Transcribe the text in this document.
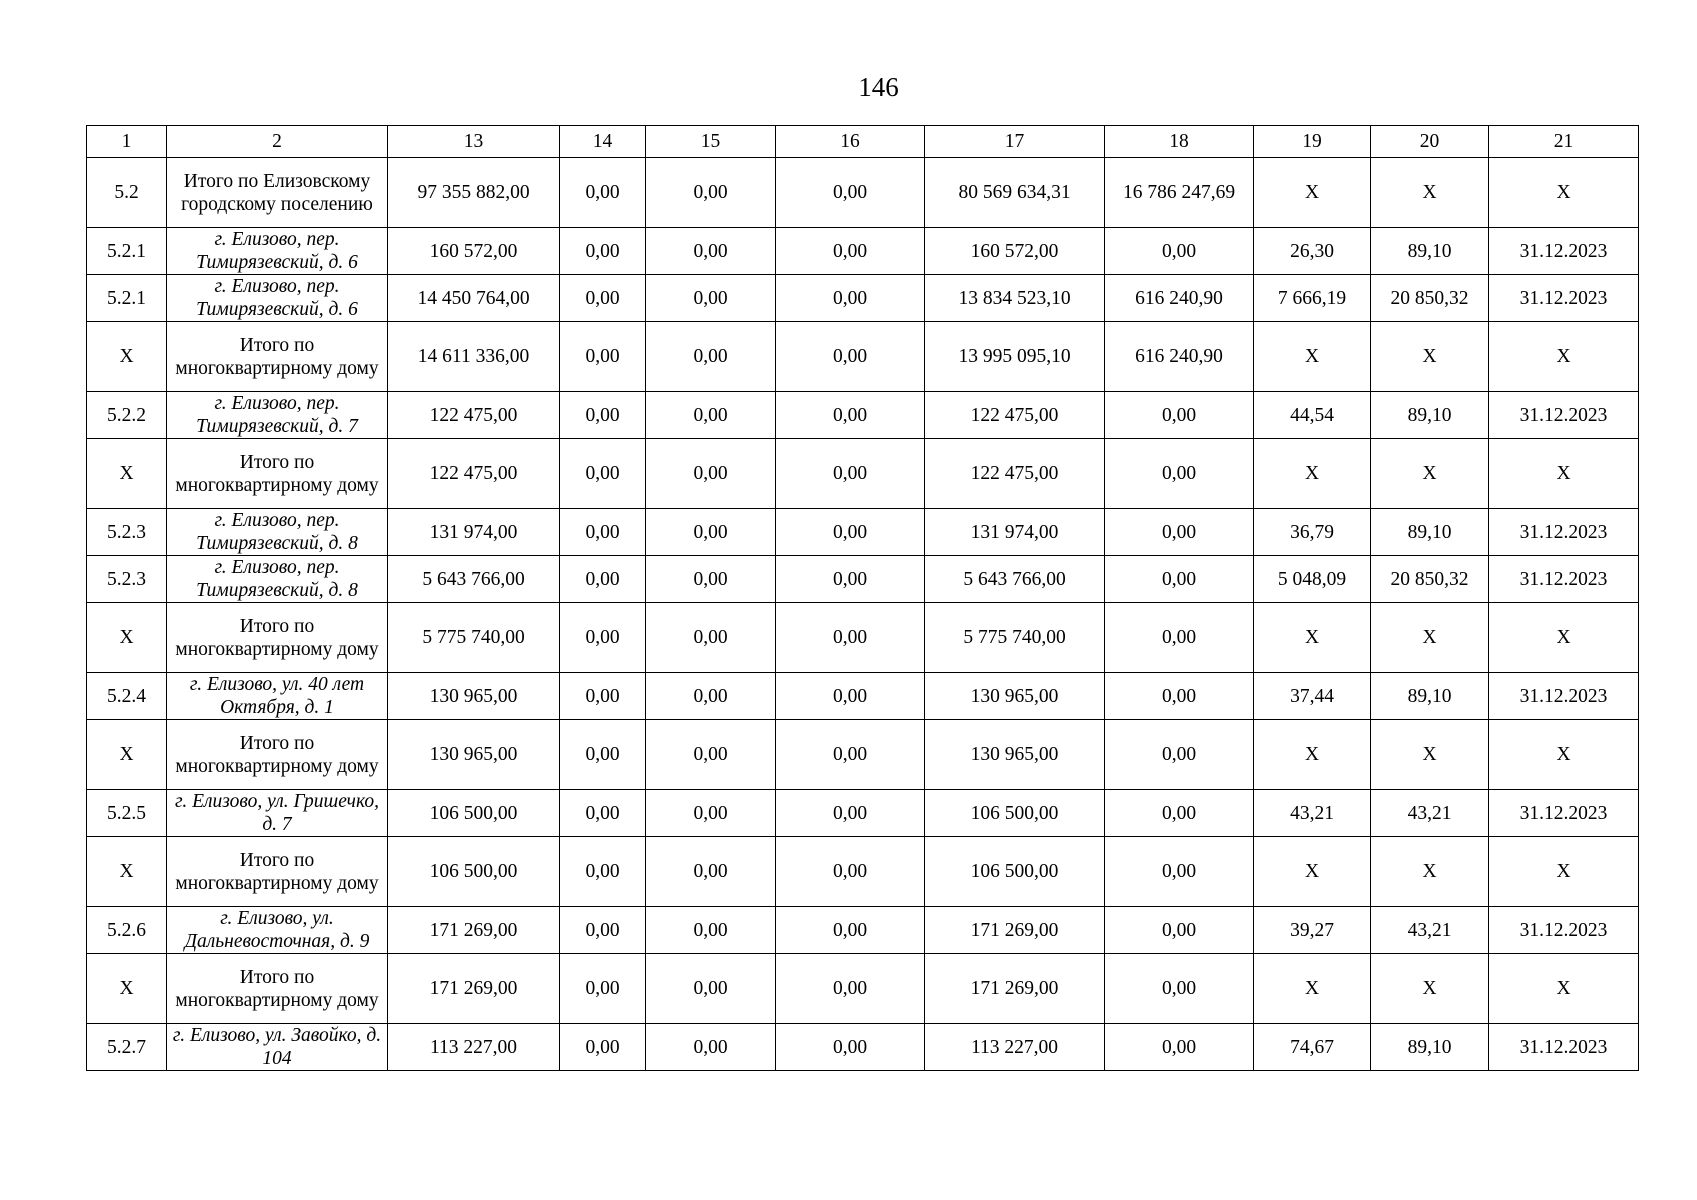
146
1	2	13	14	15	16	17	18	19	20	21
5.2	Итого по Елизовскому городскому поселению	97 355 882,00	0,00	0,00	0,00	80 569 634,31	16 786 247,69	X	X	X
5.2.1	г. Елизово, пер. Тимирязевский, д. 6	160 572,00	0,00	0,00	0,00	160 572,00	0,00	26,30	89,10	31.12.2023
5.2.1	г. Елизово, пер. Тимирязевский, д. 6	14 450 764,00	0,00	0,00	0,00	13 834 523,10	616 240,90	7 666,19	20 850,32	31.12.2023
X	Итого по многоквартирному дому	14 611 336,00	0,00	0,00	0,00	13 995 095,10	616 240,90	X	X	X
5.2.2	г. Елизово, пер. Тимирязевский, д. 7	122 475,00	0,00	0,00	0,00	122 475,00	0,00	44,54	89,10	31.12.2023
X	Итого по многоквартирному дому	122 475,00	0,00	0,00	0,00	122 475,00	0,00	X	X	X
5.2.3	г. Елизово, пер. Тимирязевский, д. 8	131 974,00	0,00	0,00	0,00	131 974,00	0,00	36,79	89,10	31.12.2023
5.2.3	г. Елизово, пер. Тимирязевский, д. 8	5 643 766,00	0,00	0,00	0,00	5 643 766,00	0,00	5 048,09	20 850,32	31.12.2023
X	Итого по многоквартирному дому	5 775 740,00	0,00	0,00	0,00	5 775 740,00	0,00	X	X	X
5.2.4	г. Елизово, ул. 40 лет Октября, д. 1	130 965,00	0,00	0,00	0,00	130 965,00	0,00	37,44	89,10	31.12.2023
X	Итого по многоквартирному дому	130 965,00	0,00	0,00	0,00	130 965,00	0,00	X	X	X
5.2.5	г. Елизово, ул. Гришечко, д. 7	106 500,00	0,00	0,00	0,00	106 500,00	0,00	43,21	43,21	31.12.2023
X	Итого по многоквартирному дому	106 500,00	0,00	0,00	0,00	106 500,00	0,00	X	X	X
5.2.6	г. Елизово, ул. Дальневосточная, д. 9	171 269,00	0,00	0,00	0,00	171 269,00	0,00	39,27	43,21	31.12.2023
X	Итого по многоквартирному дому	171 269,00	0,00	0,00	0,00	171 269,00	0,00	X	X	X
5.2.7	г. Елизово, ул. Завойко, д. 104	113 227,00	0,00	0,00	0,00	113 227,00	0,00	74,67	89,10	31.12.2023
